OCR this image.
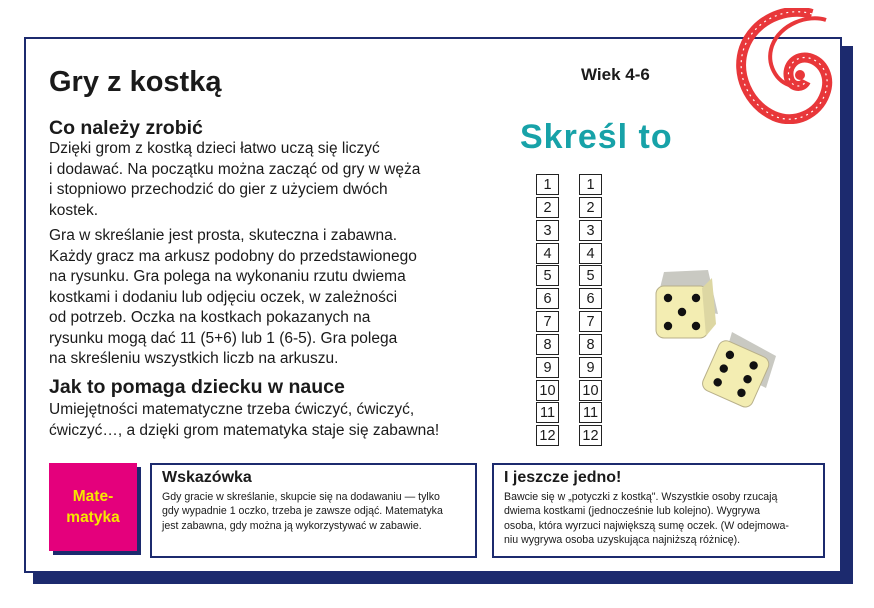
Gry z kostką	Wiek 4-6
Co należy zrobić

Dzięki grom z kostką dzieci łatwo uczą się liczyć

i dodawać. Na początku można zacząć od gry w węża

i stopniowo przechodzić do gier z użyciem dwóch

kostek.

Gra w skreślanie jest prosta, skuteczna i zabawna.

Każdy gracz ma arkusz podobny do przedstawionego

na rysunku. Gra polega na wykonaniu rzutu dwiema

kostkami i dodaniu lub odjęciu oczek, w zależności

od potrzeb. Oczka na kostkach pokazanych na

rysunku mogą dać 11 (5+6) lub 1 (6-5). Gra polega

na skreśleniu wszystkich liczb na arkuszu.

Jak to pomaga dziecku w nauce

Umiejętności matematyczne trzeba ćwiczyć, ćwiczyć,

ćwiczyć…, a dzięki grom matematyka staje się zabawna!

Skreśl to
1
2
3
4
5
6
7
8
9
10
11
12
1
2
3
4
5
6
7
8
9
10
11
12
Mate-
matyka
Wskazówka

Gdy gracie w skreślanie, skupcie się na dodawaniu — tylko
gdy wypadnie 1 oczko, trzeba je zawsze odjąć. Matematyka
jest zabawna, gdy można ją wykorzystywać w zabawie.

I jeszcze jedno!

Bawcie się w „potyczki z kostką". Wszystkie osoby rzucają
dwiema kostkami (jednocześnie lub kolejno). Wygrywa
osoba, która wyrzuci największą sumę oczek. (W odejmowa-
niu wygrywa osoba uzyskująca najniższą różnicę).
